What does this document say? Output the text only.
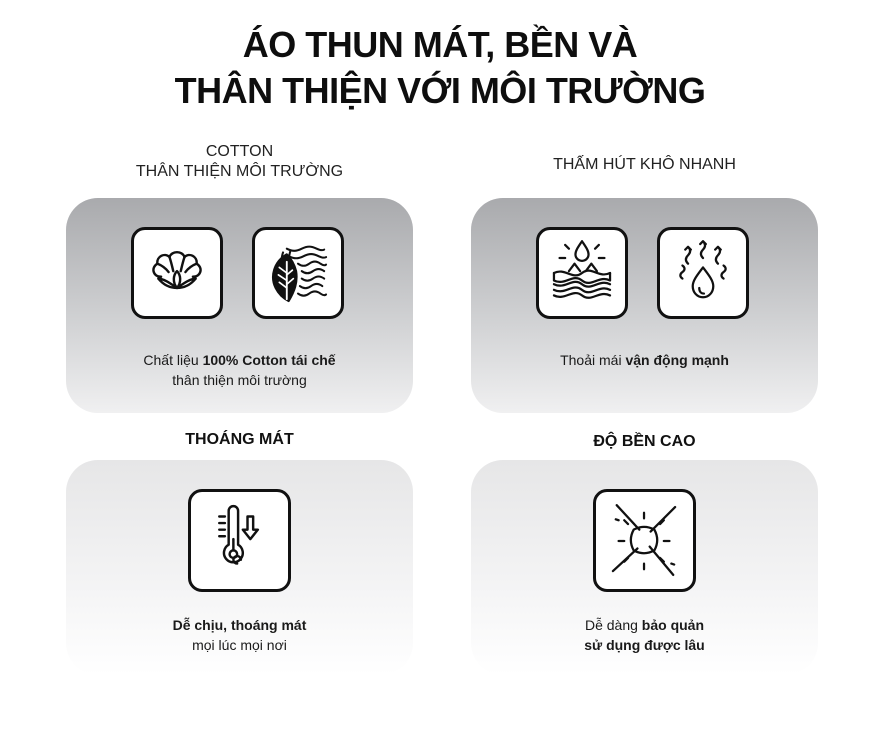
ÁO THUN MÁT, BỀN VÀ
THÂN THIỆN VỚI MÔI TRƯỜNG
COTTON
THÂN THIỆN MÔI TRƯỜNG
Chất liệu 100% Cotton tái chế
thân thiện môi trường
THẤM HÚT KHÔ NHANH
Thoải mái vận động mạnh
THOÁNG MÁT
Dễ chịu, thoáng mát
mọi lúc mọi nơi
ĐỘ BỀN CAO
Dễ dàng bảo quản
sử dụng được lâu
